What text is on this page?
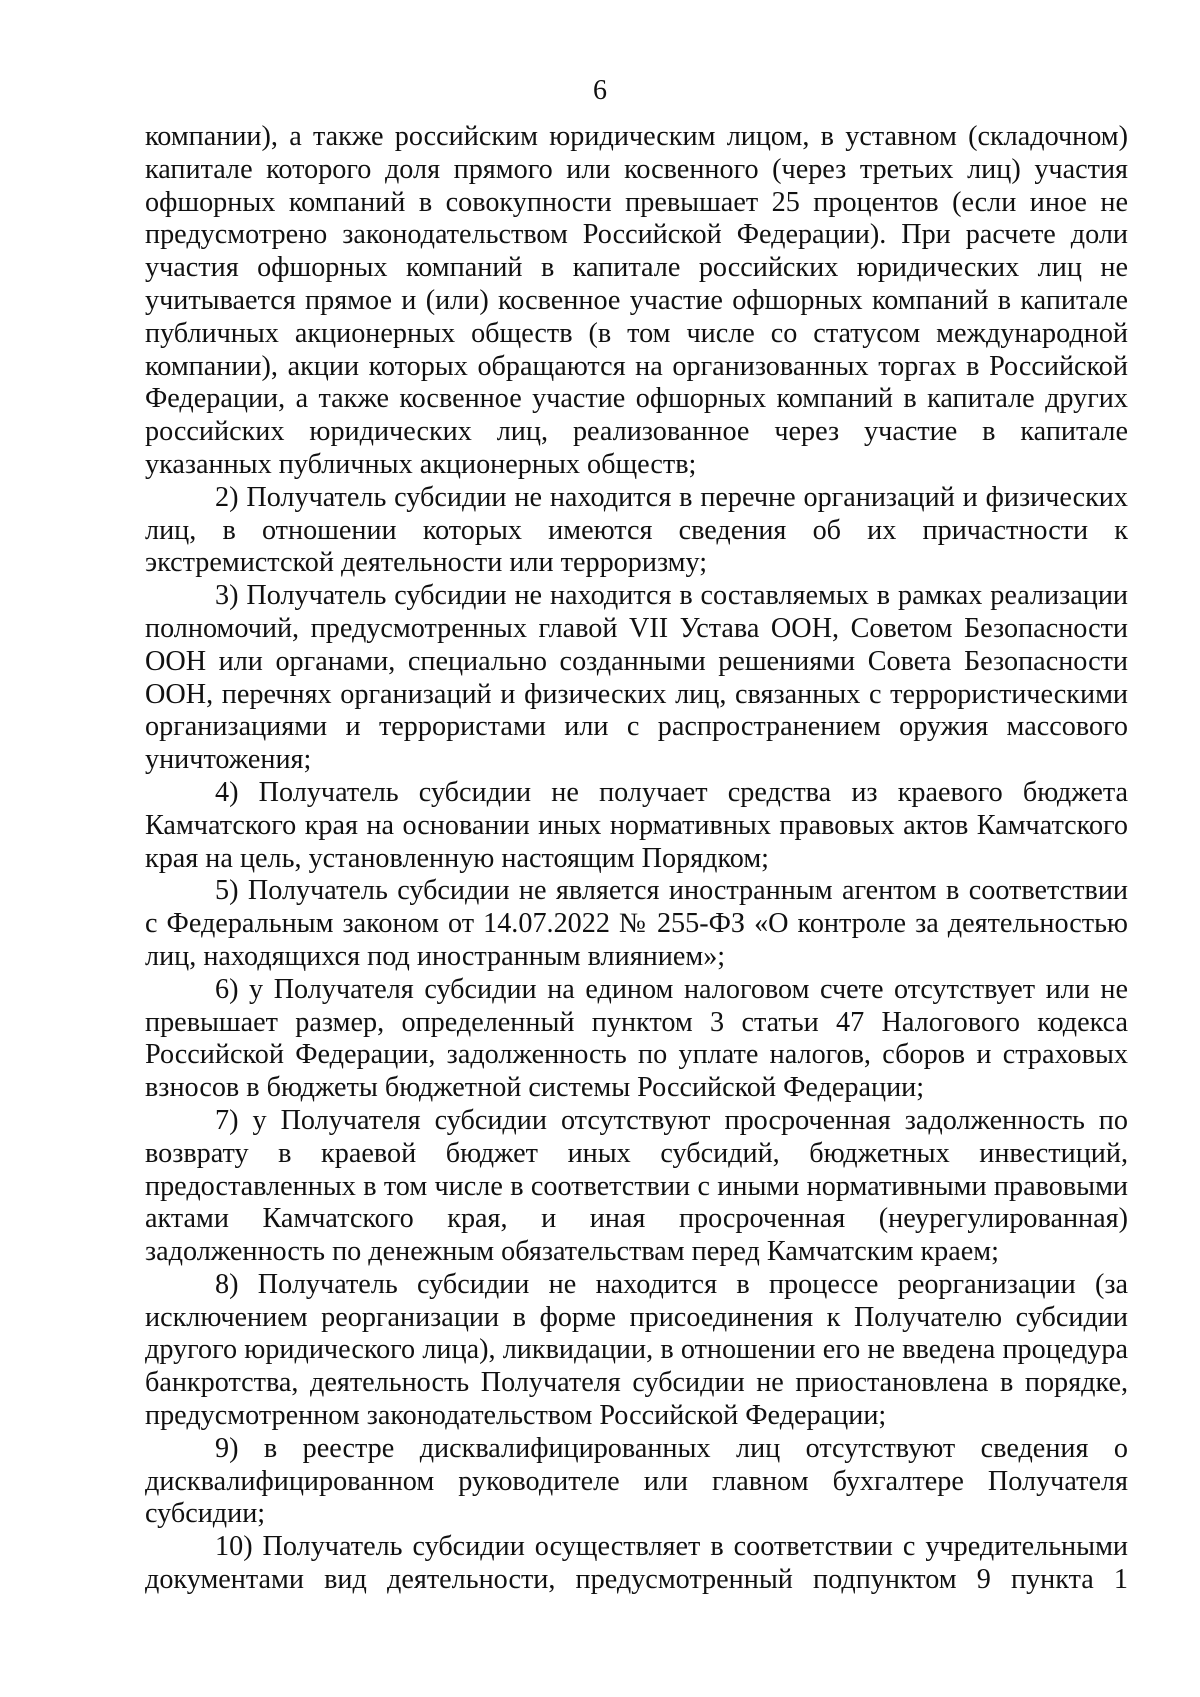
6

компании), а также российским юридическим лицом, в уставном (складочном) капитале которого доля прямого или косвенного (через третьих лиц) участия офшорных компаний в совокупности превышает 25 процентов (если иное не предусмотрено законодательством Российской Федерации). При расчете доли участия офшорных компаний в капитале российских юридических лиц не учитывается прямое и (или) косвенное участие офшорных компаний в капитале публичных акционерных обществ (в том числе со статусом международной компании), акции которых обращаются на организованных торгах в Российской Федерации, а также косвенное участие офшорных компаний в капитале других российских юридических лиц, реализованное через участие в капитале указанных публичных акционерных обществ;

2) Получатель субсидии не находится в перечне организаций и физических лиц, в отношении которых имеются сведения об их причастности к экстремистской деятельности или терроризму;

3) Получатель субсидии не находится в составляемых в рамках реализации полномочий, предусмотренных главой VII Устава ООН, Советом Безопасности ООН или органами, специально созданными решениями Совета Безопасности ООН, перечнях организаций и физических лиц, связанных с террористическими организациями и террористами или с распространением оружия массового уничтожения;

4) Получатель субсидии не получает средства из краевого бюджета Камчатского края на основании иных нормативных правовых актов Камчатского края на цель, установленную настоящим Порядком;

5) Получатель субсидии не является иностранным агентом в соответствии с Федеральным законом от 14.07.2022 № 255-ФЗ «О контроле за деятельностью лиц, находящихся под иностранным влиянием»;

6) у Получателя субсидии на едином налоговом счете отсутствует или не превышает размер, определенный пунктом 3 статьи 47 Налогового кодекса Российской Федерации, задолженность по уплате налогов, сборов и страховых взносов в бюджеты бюджетной системы Российской Федерации;

7) у Получателя субсидии отсутствуют просроченная задолженность по возврату в краевой бюджет иных субсидий, бюджетных инвестиций, предоставленных в том числе в соответствии с иными нормативными правовыми актами Камчатского края, и иная просроченная (неурегулированная) задолженность по денежным обязательствам перед Камчатским краем;

8) Получатель субсидии не находится в процессе реорганизации (за исключением реорганизации в форме присоединения к Получателю субсидии другого юридического лица), ликвидации, в отношении его не введена процедура банкротства, деятельность Получателя субсидии не приостановлена в порядке, предусмотренном законодательством Российской Федерации;

9) в реестре дисквалифицированных лиц отсутствуют сведения о дисквалифицированном руководителе или главном бухгалтере Получателя субсидии;

10) Получатель субсидии осуществляет в соответствии с учредительными документами вид деятельности, предусмотренный подпунктом 9 пункта 1
